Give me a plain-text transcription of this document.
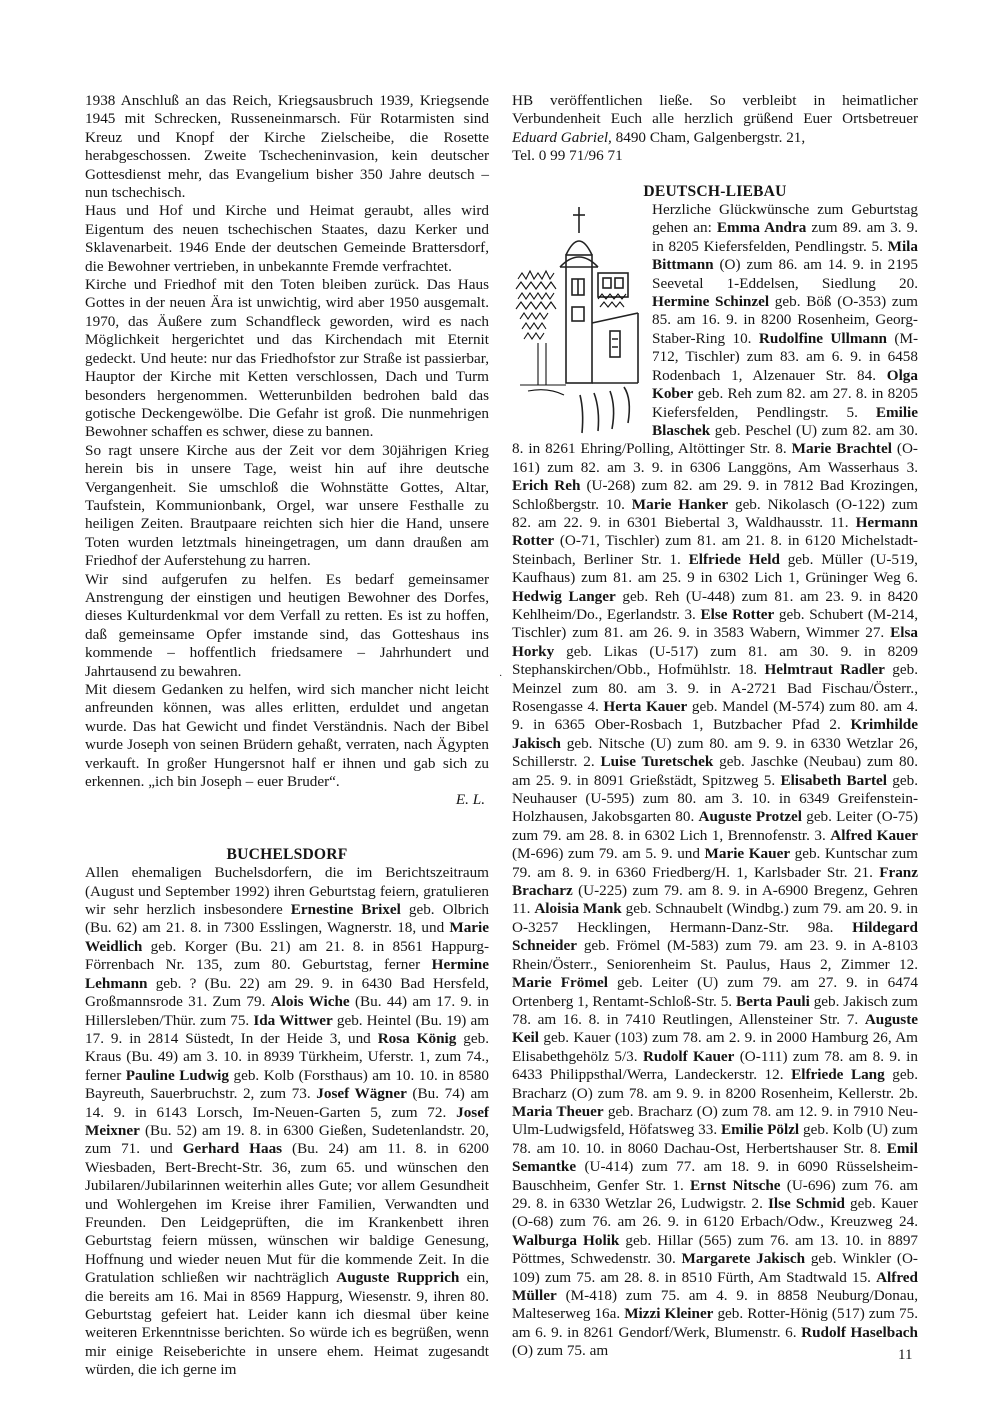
1938 Anschluß an das Reich, Kriegsausbruch 1939, Kriegsende 1945 mit Schrecken, Russeneinmarsch. Für Rotarmisten sind Kreuz und Knopf der Kirche Zielscheibe, die Rosette herabgeschossen. Zweite Tschecheninvasion, kein deutscher Gottesdienst mehr, das Evangelium bisher 350 Jahre deutsch – nun tschechisch.

Haus und Hof und Kirche und Heimat geraubt, alles wird Eigentum des neuen tschechischen Staates, dazu Kerker und Sklavenarbeit. 1946 Ende der deutschen Gemeinde Brattersdorf, die Bewohner vertrieben, in unbekannte Fremde verfrachtet.

Kirche und Friedhof mit den Toten bleiben zurück. Das Haus Gottes in der neuen Ära ist unwichtig, wird aber 1950 ausgemalt. 1970, das Äußere zum Schandfleck geworden, wird es nach Möglichkeit hergerichtet und das Kirchendach mit Eternit gedeckt. Und heute: nur das Friedhofstor zur Straße ist passierbar, Hauptor der Kirche mit Ketten verschlossen, Dach und Turm besonders hergenommen. Wetterunbilden bedrohen bald das gotische Deckengewölbe. Die Gefahr ist groß. Die nunmehrigen Bewohner schaffen es schwer, diese zu bannen.

So ragt unsere Kirche aus der Zeit vor dem 30jährigen Krieg herein bis in unsere Tage, weist hin auf ihre deutsche Vergangenheit. Sie umschloß die Wohnstätte Gottes, Altar, Taufstein, Kommunionbank, Orgel, war unsere Festhalle zu heiligen Zeiten. Brautpaare reichten sich hier die Hand, unsere Toten wurden letztmals hineingetragen, um dann draußen am Friedhof der Auferstehung zu harren.

Wir sind aufgerufen zu helfen. Es bedarf gemeinsamer Anstrengung der einstigen und heutigen Bewohner des Dorfes, dieses Kulturdenkmal vor dem Verfall zu retten. Es ist zu hoffen, daß gemeinsame Opfer imstande sind, das Gotteshaus ins kommende – hoffentlich friedsamere – Jahrhundert und Jahrtausend zu bewahren.

Mit diesem Gedanken zu helfen, wird sich mancher nicht leicht anfreunden können, was alles erlitten, erduldet und angetan wurde. Das hat Gewicht und findet Verständnis. Nach der Bibel wurde Joseph von seinen Brüdern gehaßt, verraten, nach Ägypten verkauft. In großer Hungersnot half er ihnen und gab sich zu erkennen. „ich bin Joseph – euer Bruder“.

E. L.
BUCHELSDORF

Allen ehemaligen Buchelsdorfern, die im Berichtszeitraum (August und September 1992) ihren Geburtstag feiern, gratulieren wir sehr herzlich insbesondere Ernestine Brixel geb. Olbrich (Bu. 62) am 21. 8. in 7300 Esslingen, Wagnerstr. 18, und Marie Weidlich geb. Korger (Bu. 21) am 21. 8. in 8561 Happurg-Förrenbach Nr. 135, zum 80. Geburtstag, ferner Hermine Lehmann geb. ? (Bu. 22) am 29. 9. in 6430 Bad Hersfeld, Großmannsrode 31. Zum 79. Alois Wiche (Bu. 44) am 17. 9. in Hillersleben/Thür. zum 75. Ida Wittwer geb. Heintel (Bu. 19) am 17. 9. in 2814 Süstedt, In der Heide 3, und Rosa König geb. Kraus (Bu. 49) am 3. 10. in 8939 Türkheim, Uferstr. 1, zum 74., ferner Pauline Ludwig geb. Kolb (Forsthaus) am 10. 10. in 8580 Bayreuth, Sauerbruchstr. 2, zum 73. Josef Wägner (Bu. 74) am 14. 9. in 6143 Lorsch, Im-Neuen-Garten 5, zum 72. Josef Meixner (Bu. 52) am 19. 8. in 6300 Gießen, Sudetenlandstr. 20, zum 71. und Gerhard Haas (Bu. 24) am 11. 8. in 6200 Wiesbaden, Bert-Brecht-Str. 36, zum 65. und wünschen den Jubilaren/Jubilarinnen weiterhin alles Gute; vor allem Gesundheit und Wohlergehen im Kreise ihrer Familien, Verwandten und Freunden. Den Leidgeprüften, die im Krankenbett ihren Geburtstag feiern müssen, wünschen wir baldige Genesung, Hoffnung und wieder neuen Mut für die kommende Zeit. In die Gratulation schließen wir nachträglich Auguste Rupprich ein, die bereits am 16. Mai in 8569 Happurg, Wiesenstr. 9, ihren 80. Geburtstag gefeiert hat. Leider kann ich diesmal über keine weiteren Erkenntnisse berichten. So würde ich es begrüßen, wenn mir einige Reiseberichte in unsere ehem. Heimat zugesandt würden, die ich gerne im

HB veröffentlichen ließe. So verbleibt in heimatlicher Verbundenheit Euch alle herzlich grüßend Euer Ortsbetreuer Eduard Gabriel, 8490 Cham, Galgenbergstr. 21,

Tel. 0 99 71/96 71

DEUTSCH-LIEBAU

Herzliche Glückwünsche zum Geburtstag gehen an: Emma Andra zum 89. am 3. 9. in 8205 Kiefersfelden, Pendlingstr. 5. Mila Bittmann (O) zum 86. am 14. 9. in 2195 Seevetal 1-Eddelsen, Siedlung 20. Hermine Schinzel geb. Böß (O-353) zum 85. am 16. 9. in 8200 Rosenheim, Georg-Staber-Ring 10. Rudolfine Ullmann (M-712, Tischler) zum 83. am 6. 9. in 6458 Rodenbach 1, Alzenauer Str. 84. Olga Kober geb. Reh zum 82. am 27. 8. in 8205 Kiefersfelden, Pendlingstr. 5. Emilie Blaschek geb. Peschel (U) zum 82. am 30. 8. in 8261 Ehring/Polling, Altöttinger Str. 8. Marie Brachtel (O-161) zum 82. am 3. 9. in 6306 Langgöns, Am Wasserhaus 3. Erich Reh (U-268) zum 82. am 29. 9. in 7812 Bad Krozingen, Schloßbergstr. 10. Marie Hanker geb. Nikolasch (O-122) zum 82. am 22. 9. in 6301 Biebertal 3, Waldhausstr. 11. Hermann Rotter (O-71, Tischler) zum 81. am 21. 8. in 6120 Michelstadt-Steinbach, Berliner Str. 1. Elfriede Held geb. Müller (U-519, Kaufhaus) zum 81. am 25. 9 in 6302 Lich 1, Grüninger Weg 6. Hedwig Langer geb. Reh (U-448) zum 81. am 23. 9. in 8420 Kehlheim/Do., Egerlandstr. 3. Else Rotter geb. Schubert (M-214, Tischler) zum 81. am 26. 9. in 3583 Wabern, Wimmer 27. Elsa Horky geb. Likas (U-517) zum 81. am 30. 9. in 8209 Stephanskirchen/Obb., Hofmühlstr. 18. Helmtraut Radler geb. Meinzel zum 80. am 3. 9. in A-2721 Bad Fischau/Österr., Rosengasse 4. Herta Kauer geb. Mandel (M-574) zum 80. am 4. 9. in 6365 Ober-Rosbach 1, Butzbacher Pfad 2. Krimhilde Jakisch geb. Nitsche (U) zum 80. am 9. 9. in 6330 Wetzlar 26, Schillerstr. 2. Luise Turetschek geb. Jaschke (Neubau) zum 80. am 25. 9. in 8091 Grießstädt, Spitzweg 5. Elisabeth Bartel geb. Neuhauser (U-595) zum 80. am 3. 10. in 6349 Greifenstein-Holzhausen, Jakobsgarten 80. Auguste Protzel geb. Leiter (O-75) zum 79. am 28. 8. in 6302 Lich 1, Brennofenstr. 3. Alfred Kauer (M-696) zum 79. am 5. 9. und Marie Kauer geb. Kuntschar zum 79. am 8. 9. in 6360 Friedberg/H. 1, Karlsbader Str. 21. Franz Bracharz (U-225) zum 79. am 8. 9. in A-6900 Bregenz, Gehren 11. Aloisia Mank geb. Schnaubelt (Windbg.) zum 79. am 20. 9. in O-3257 Hecklingen, Hermann-Danz-Str. 98a. Hildegard Schneider geb. Frömel (M-583) zum 79. am 23. 9. in A-8103 Rhein/Österr., Seniorenheim St. Paulus, Haus 2, Zimmer 12. Marie Frömel geb. Leiter (U) zum 79. am 27. 9. in 6474 Ortenberg 1, Rentamt-Schloß-Str. 5. Berta Pauli geb. Jakisch zum 78. am 16. 8. in 7410 Reutlingen, Allensteiner Str. 7. Auguste Keil geb. Kauer (103) zum 78. am 2. 9. in 2000 Hamburg 26, Am Elisabethgehölz 5/3. Rudolf Kauer (O-111) zum 78. am 8. 9. in 6433 Philippsthal/Werra, Landeckerstr. 12. Elfriede Lang geb. Bracharz (O) zum 78. am 9. 9. in 8200 Rosenheim, Kellerstr. 2b. Maria Theuer geb. Bracharz (O) zum 78. am 12. 9. in 7910 Neu-Ulm-Ludwigsfeld, Höfatsweg 33. Emilie Pölzl geb. Kolb (U) zum 78. am 10. 10. in 8060 Dachau-Ost, Herbertshauser Str. 8. Emil Semantke (U-414) zum 77. am 18. 9. in 6090 Rüsselsheim-Bauschheim, Genfer Str. 1. Ernst Nitsche (U-696) zum 76. am 29. 8. in 6330 Wetzlar 26, Ludwigstr. 2. Ilse Schmid geb. Kauer (O-68) zum 76. am 26. 9. in 6120 Erbach/Odw., Kreuzweg 24. Walburga Holik geb. Hillar (565) zum 76. am 13. 10. in 8897 Pöttmes, Schwedenstr. 30. Margarete Jakisch geb. Winkler (O-109) zum 75. am 28. 8. in 8510 Fürth, Am Stadtwald 15. Alfred Müller (M-418) zum 75. am 4. 9. in 8858 Neuburg/Donau, Malteserweg 16a. Mizzi Kleiner geb. Rotter-Hönig (517) zum 75. am 6. 9. in 8261 Gendorf/Werk, Blumenstr. 6. Rudolf Haselbach (O) zum 75. am

·
11
